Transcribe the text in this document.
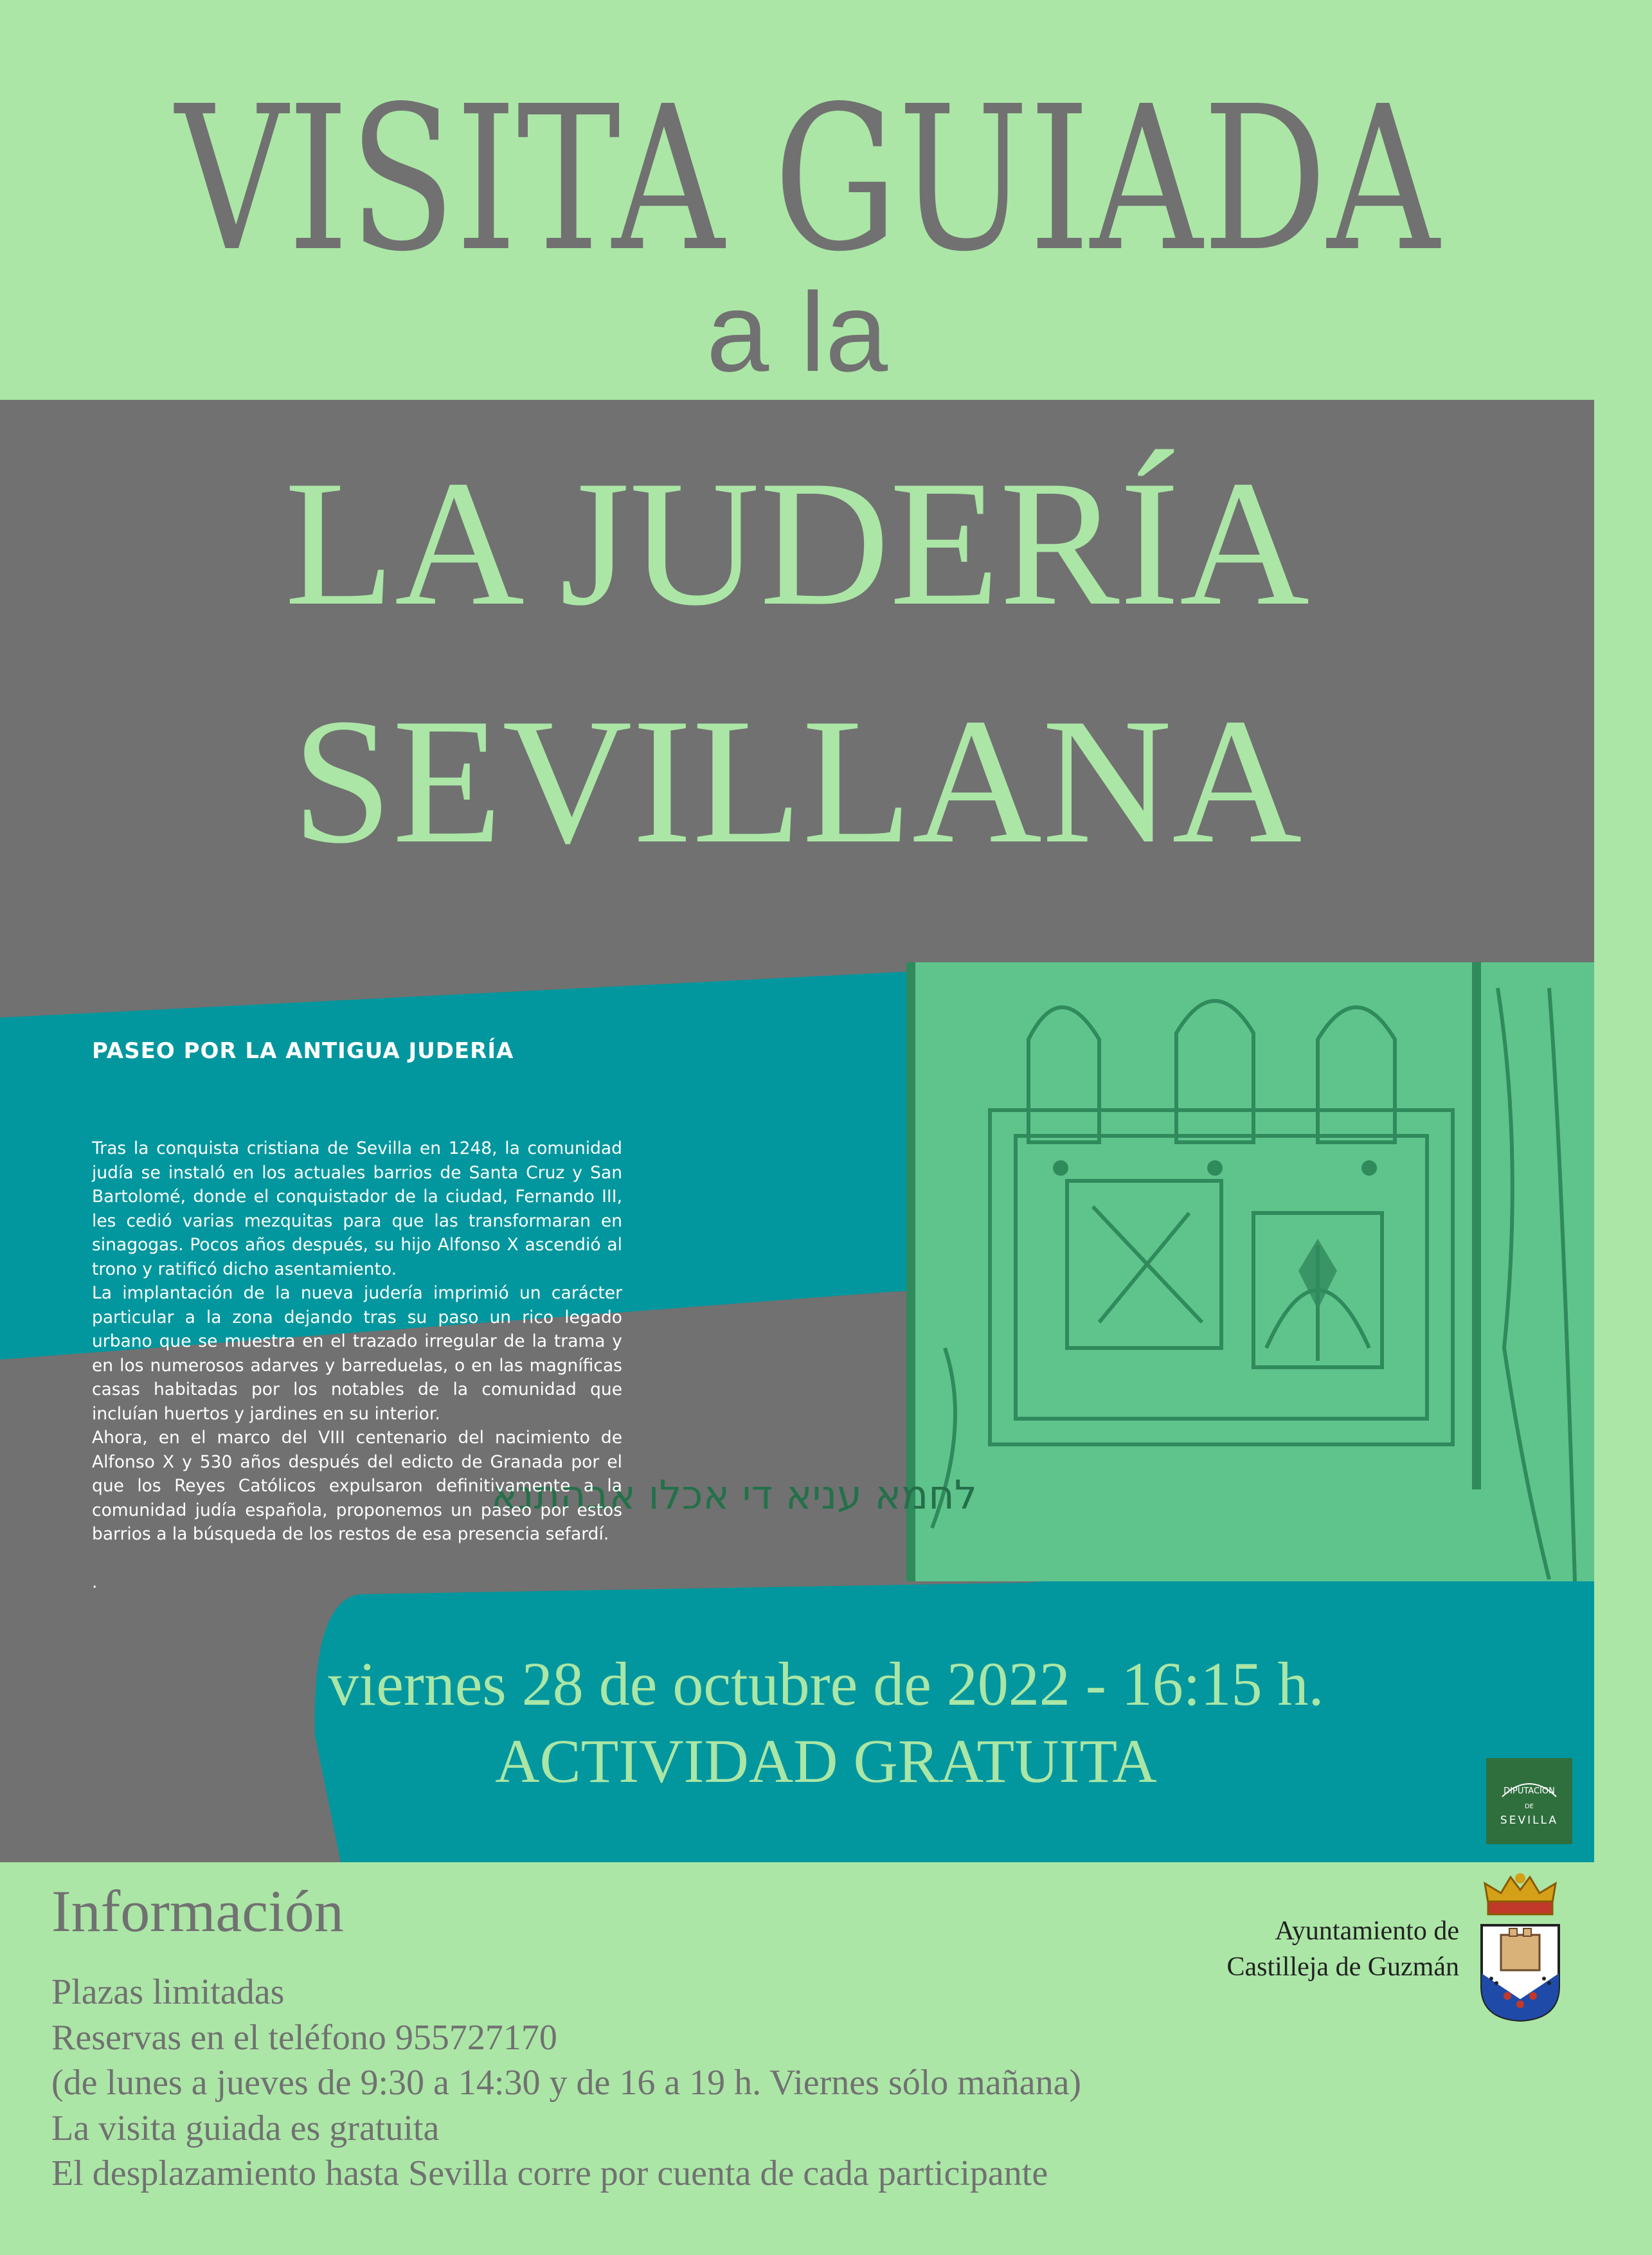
לחמא עניא די אכלו אבהתנא
VISITA GUIADA
a la
LA JUDERÍA
SEVILLANA
PASEO POR LA ANTIGUA JUDERÍA

Tras la conquista cristiana de Sevilla en 1248, la comunidad judía se instaló en los actuales barrios de Santa Cruz y San Bartolomé, donde el conquistador de la ciudad, Fernando III, les cedió varias mezquitas para que las transformaran en sinagogas. Pocos años después, su hijo Alfonso X ascendió al trono y ratificó dicho asentamiento.

La implantación de la nueva judería imprimió un carácter particular a la zona dejando tras su paso un rico legado urbano que se muestra en el trazado irregular de la trama y en los numerosos adarves y barreduelas, o en las magníficas casas habitadas por los notables de la comunidad que incluían huertos y jardines en su interior.

Ahora, en el marco del VIII centenario del nacimiento de Alfonso X y 530 años después del edicto de Granada por el que los Reyes Católicos expulsaron definitivamente a la comunidad judía española, proponemos un paseo por estos barrios a la búsqueda de los restos de esa presencia sefardí.

.

viernes 28 de octubre de 2022 - 16:15 h.
ACTIVIDAD GRATUITA	DIPUTACION
DE
SEVILLA
Información
Plazas limitadas
Reservas en el teléfono 955727170
(de lunes a jueves de 9:30 a 14:30 y de 16 a 19 h. Viernes sólo mañana)
La visita guiada es gratuita
El desplazamiento hasta Sevilla corre por cuenta de cada participante
Ayuntamiento de
Castilleja de Guzmán
